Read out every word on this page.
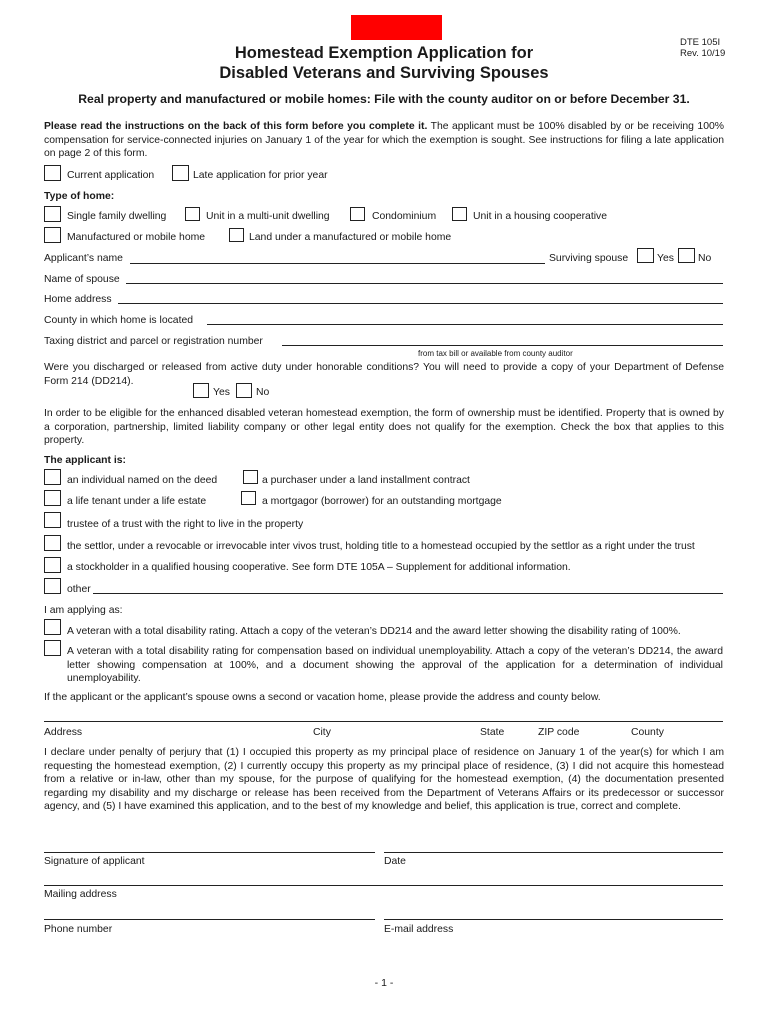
Homestead Exemption Application for
Disabled Veterans and Surviving Spouses
DTE 105I
Rev. 10/19
Real property and manufactured or mobile homes: File with the county auditor on or before December 31.
Please read the instructions on the back of this form before you complete it. The applicant must be 100% disabled by or be receiving 100% compensation for service-connected injuries on January 1 of the year for which the exemption is sought. See instructions for filing a late application on page 2 of this form.
Current application	Late application for prior year
Type of home:
Single family dwelling	Unit in a multi-unit dwelling	Condominium	Unit in a housing cooperative
Manufactured or mobile home	Land under a manufactured or mobile home
Applicant’s name	Surviving spouse	Yes No
Name of spouse
Home address
County in which home is located
Taxing district and parcel or registration number
from tax bill or available from county auditor
Were you discharged or released from active duty under honorable conditions? You will need to provide a copy of your Department of Defense Form 214 (DD214).
Yes	No
In order to be eligible for the enhanced disabled veteran homestead exemption, the form of ownership must be identified. Property that is owned by a corporation, partnership, limited liability company or other legal entity does not qualify for the exemption. Check the box that applies to this property.
The applicant is:
an individual named on the deed	a purchaser under a land installment contract
a life tenant under a life estate	a mortgagor (borrower) for an outstanding mortgage
trustee of a trust with the right to live in the property
the settlor, under a revocable or irrevocable inter vivos trust, holding title to a homestead occupied by the settlor as a right under the trust
a stockholder in a qualified housing cooperative. See form DTE 105A – Supplement for additional information.
other
I am applying as:
A veteran with a total disability rating. Attach a copy of the veteran’s DD214 and the award letter showing the disability rating of 100%.
A veteran with a total disability rating for compensation based on individual unemployability. Attach a copy of the veteran’s DD214, the award letter showing compensation at 100%, and a document showing the approval of the application for a determination of individual unemployability.
If the applicant or the applicant’s spouse owns a second or vacation home, please provide the address and county below.
Address	City	State	ZIP code	County
I declare under penalty of perjury that (1) I occupied this property as my principal place of residence on January 1 of the year(s) for which I am requesting the homestead exemption, (2) I currently occupy this property as my principal place of residence, (3) I did not acquire this homestead from a relative or in-law, other than my spouse, for the purpose of qualifying for the homestead exemption, (4) the documentation presented regarding my disability and my discharge or release has been received from the Department of Veterans Affairs or its predecessor or successor agency, and (5) I have examined this application, and to the best of my knowledge and belief, this application is true, correct and complete.
Signature of applicant	Date
Mailing address
Phone number	E-mail address
- 1 -
